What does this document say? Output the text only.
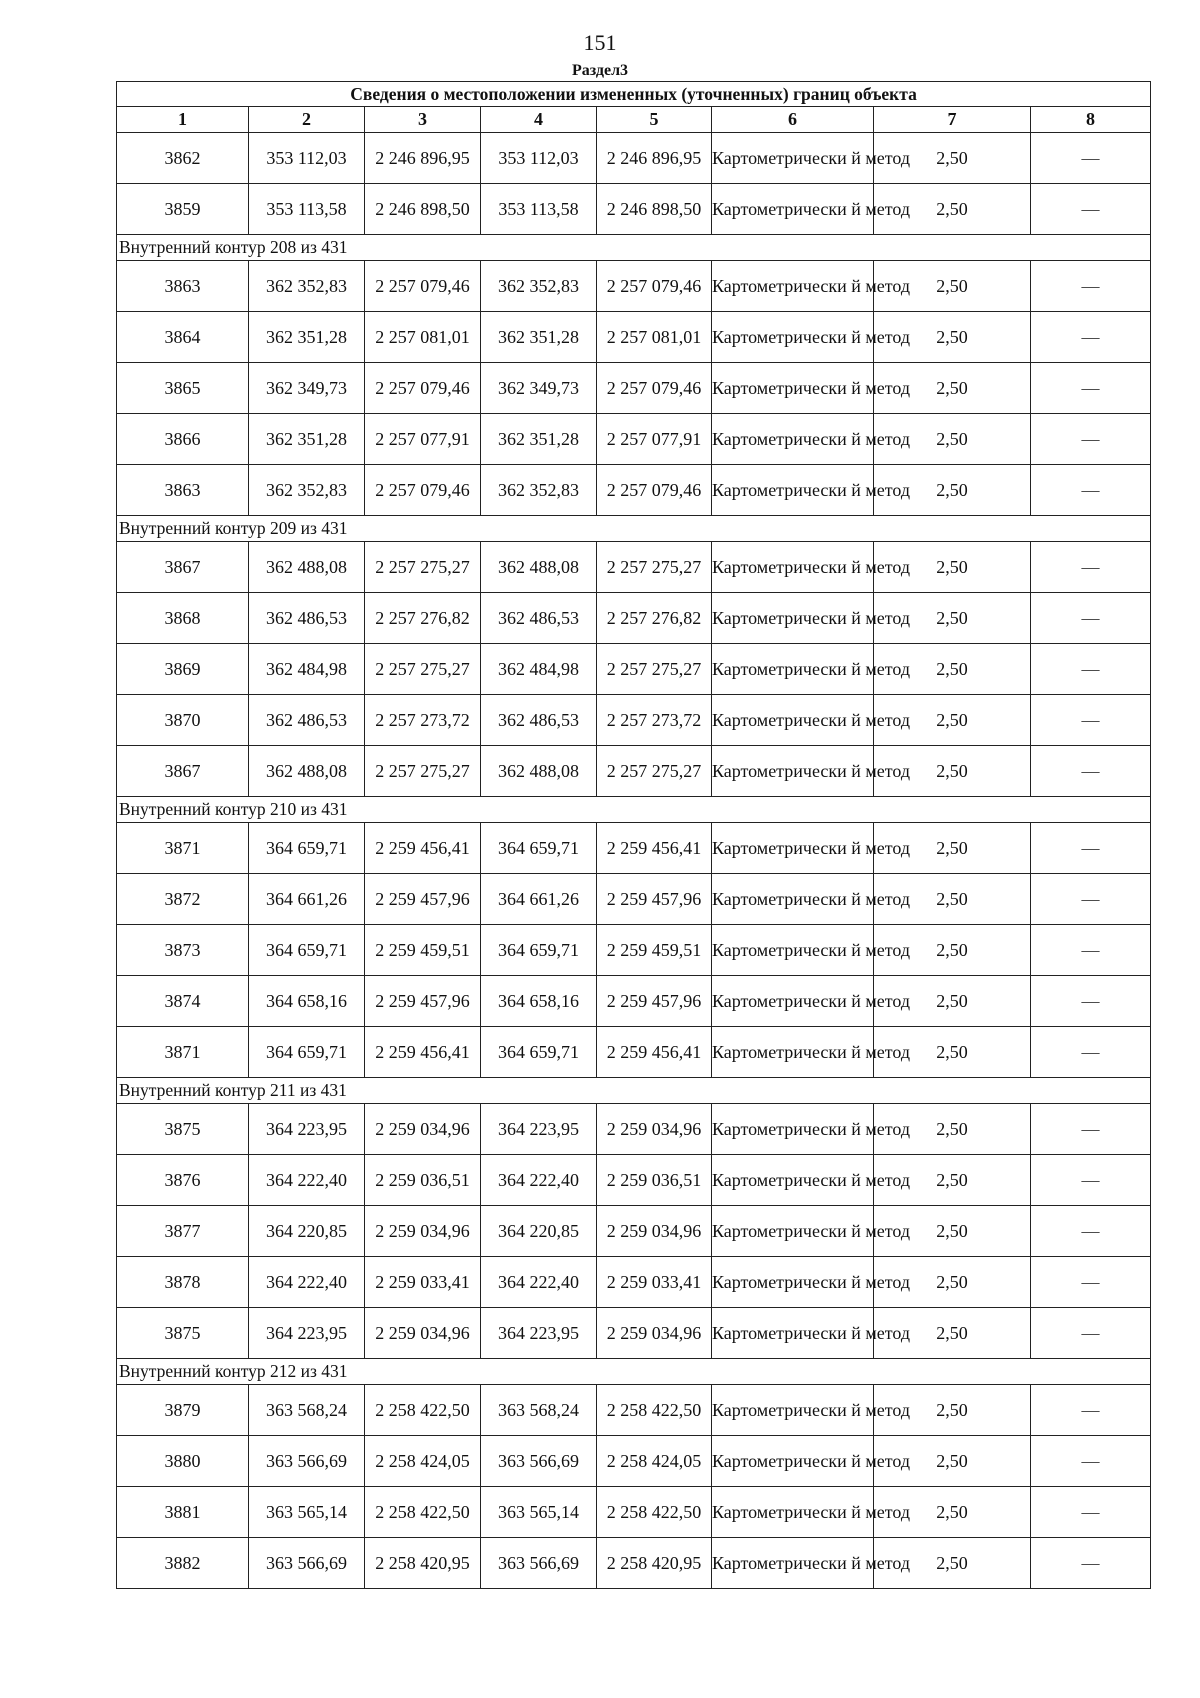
151
Раздел3
Сведения о местоположении измененных (уточненных) границ объекта							
1	2	3	4	5	6	7	8
3862	353 112,03	2 246 896,95	353 112,03	2 246 896,95	Картометрически й метод	2,50	—
3859	353 113,58	2 246 898,50	353 113,58	2 246 898,50	Картометрически й метод	2,50	—
Внутренний контур 208 из 431							
3863	362 352,83	2 257 079,46	362 352,83	2 257 079,46	Картометрически й метод	2,50	—
3864	362 351,28	2 257 081,01	362 351,28	2 257 081,01	Картометрически й метод	2,50	—
3865	362 349,73	2 257 079,46	362 349,73	2 257 079,46	Картометрически й метод	2,50	—
3866	362 351,28	2 257 077,91	362 351,28	2 257 077,91	Картометрически й метод	2,50	—
3863	362 352,83	2 257 079,46	362 352,83	2 257 079,46	Картометрически й метод	2,50	—
Внутренний контур 209 из 431							
3867	362 488,08	2 257 275,27	362 488,08	2 257 275,27	Картометрически й метод	2,50	—
3868	362 486,53	2 257 276,82	362 486,53	2 257 276,82	Картометрически й метод	2,50	—
3869	362 484,98	2 257 275,27	362 484,98	2 257 275,27	Картометрически й метод	2,50	—
3870	362 486,53	2 257 273,72	362 486,53	2 257 273,72	Картометрически й метод	2,50	—
3867	362 488,08	2 257 275,27	362 488,08	2 257 275,27	Картометрически й метод	2,50	—
Внутренний контур 210 из 431							
3871	364 659,71	2 259 456,41	364 659,71	2 259 456,41	Картометрически й метод	2,50	—
3872	364 661,26	2 259 457,96	364 661,26	2 259 457,96	Картометрически й метод	2,50	—
3873	364 659,71	2 259 459,51	364 659,71	2 259 459,51	Картометрически й метод	2,50	—
3874	364 658,16	2 259 457,96	364 658,16	2 259 457,96	Картометрически й метод	2,50	—
3871	364 659,71	2 259 456,41	364 659,71	2 259 456,41	Картометрически й метод	2,50	—
Внутренний контур 211 из 431							
3875	364 223,95	2 259 034,96	364 223,95	2 259 034,96	Картометрически й метод	2,50	—
3876	364 222,40	2 259 036,51	364 222,40	2 259 036,51	Картометрически й метод	2,50	—
3877	364 220,85	2 259 034,96	364 220,85	2 259 034,96	Картометрически й метод	2,50	—
3878	364 222,40	2 259 033,41	364 222,40	2 259 033,41	Картометрически й метод	2,50	—
3875	364 223,95	2 259 034,96	364 223,95	2 259 034,96	Картометрически й метод	2,50	—
Внутренний контур 212 из 431							
3879	363 568,24	2 258 422,50	363 568,24	2 258 422,50	Картометрически й метод	2,50	—
3880	363 566,69	2 258 424,05	363 566,69	2 258 424,05	Картометрически й метод	2,50	—
3881	363 565,14	2 258 422,50	363 565,14	2 258 422,50	Картометрически й метод	2,50	—
3882	363 566,69	2 258 420,95	363 566,69	2 258 420,95	Картометрически й метод	2,50	—
